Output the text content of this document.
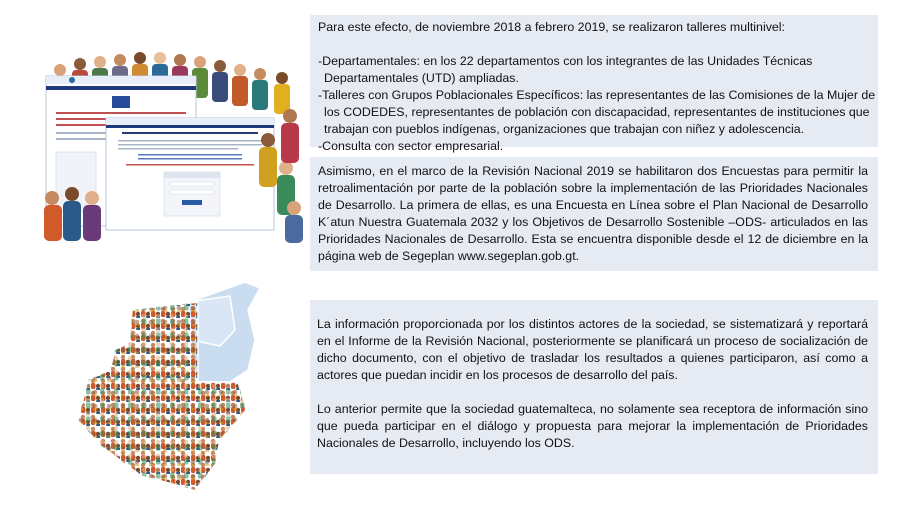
Para este efecto, de noviembre 2018 a febrero 2019, se realizaron talleres multinivel:
-Departamentales: en los 22 departamentos con los integrantes de las Unidades Técnicas
Departamentales (UTD) ampliadas.
-Talleres con Grupos Poblacionales Específicos: las representantes de las Comisiones de la Mujer de
los CODEDES, representantes de población con discapacidad, representantes de instituciones que
trabajan con pueblos indígenas, organizaciones que trabajan con niñez y adolescencia.
-Consulta con sector empresarial.

Asimismo, en el marco de la Revisión Nacional 2019 se habilitaron dos Encuestas para permitir la retroalimentación por parte de la población sobre la implementación de las Prioridades Nacionales de Desarrollo. La primera de ellas, es una Encuesta en Línea sobre el Plan Nacional de Desarrollo K´atun Nuestra Guatemala 2032 y los Objetivos de Desarrollo Sostenible –ODS- articulados en las Prioridades Nacionales de Desarrollo. Esta se encuentra disponible desde el 12 de diciembre en la página web de Segeplan www.segeplan.gob.gt.

La información proporcionada por los distintos actores de la sociedad, se sistematizará y reportará en el Informe de la Revisión Nacional, posteriormente se planificará un proceso de socialización de dicho documento, con el objetivo de trasladar los resultados a quienes participaron, así como a actores que puedan incidir en los procesos de desarrollo del país.

Lo anterior permite que la sociedad guatemalteca, no solamente sea receptora de información sino que pueda participar en el diálogo y propuesta para mejorar la implementación de Prioridades Nacionales de Desarrollo, incluyendo los ODS.
